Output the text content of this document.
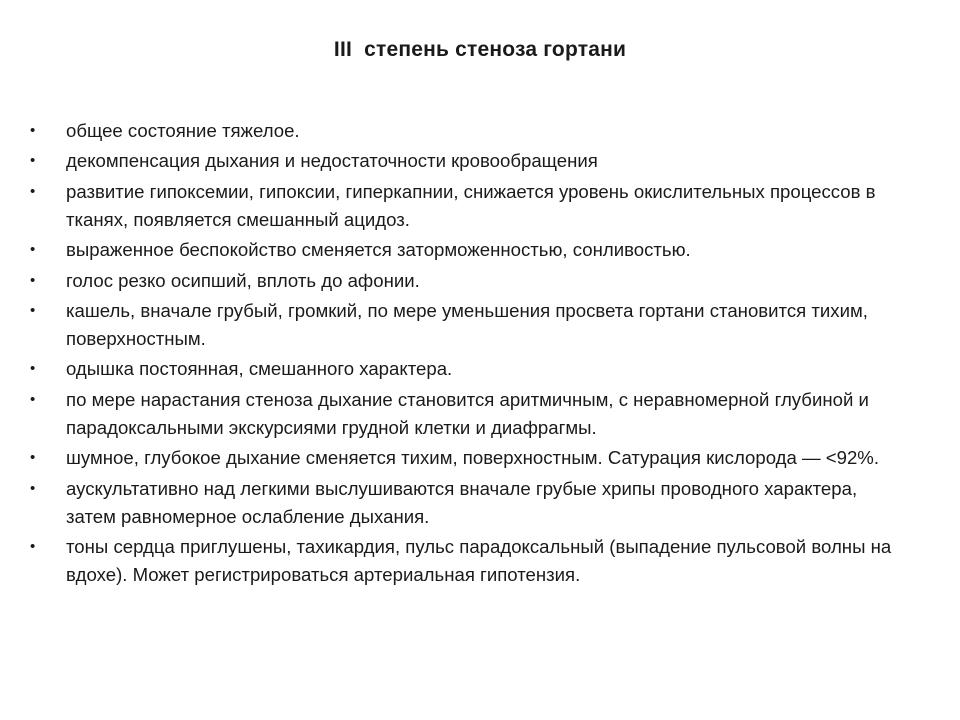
III  степень стеноза гортани
•	общее состояние тяжелое.
•	декомпенсация дыхания и недостаточности кровообращения
•	развитие гипоксемии, гипоксии, гиперкапнии, снижается уровень окислительных процессов в тканях, появляется смешанный ацидоз.
•	выраженное беспокойство сменяется заторможенностью, сонливостью.
•	голос резко осипший, вплоть до афонии.
•	кашель, вначале грубый, громкий, по мере уменьшения просвета гортани становится тихим, поверхностным.
•	одышка постоянная, смешанного характера.
•	по мере нарастания стеноза дыхание становится аритмичным, с неравномерной глубиной и парадоксальными экскурсиями грудной клетки и диафрагмы.
•	шумное, глубокое дыхание сменяется тихим, поверхностным. Сатурация кислорода — <92%.
•	аускультативно над легкими выслушиваются вначале грубые хрипы проводного характера, затем равномерное ослабление дыхания.
•	тоны сердца приглушены, тахикардия, пульс парадоксальный (выпадение пульсовой волны на вдохе). Может регистрироваться артериальная гипотензия.
